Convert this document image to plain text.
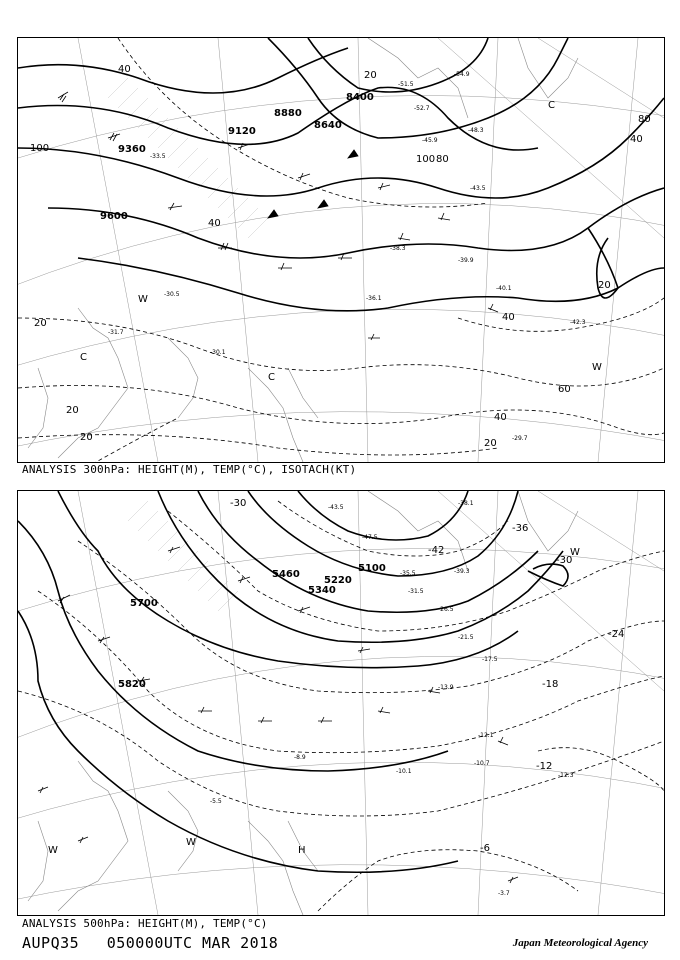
9600
9360
9120
8880
8640
8400
20
40
60
80
100
20
40
20
20
20
40
80
100
20
40
40
W
C
C
C
W
-30.5
-33.5
-36.1
-38.3
-39.9
-40.1
-42.3
-43.5
-45.9
-48.3
-51.5
-52.7
-54.9
-29.7
-30.1
-31.7
ANALYSIS 300hPa: HEIGHT(M), TEMP(°C), ISOTACH(KT)
5700
5820
5460
5340
5220
5100
-6
-12
-18
-24
-30
-36
-42
-30
W
W
H
W
-3.7
-5.5
-8.9
-10.1
-10.7
-12.1
-12.3
-13.9
-17.5
-21.5
-26.5
-31.5
-35.5
-38.1
-39.3
-43.5
-47.5
ANALYSIS 500hPa: HEIGHT(M), TEMP(°C)
AUPQ35 050000UTC MAR 2018	Japan Meteorological Agency
